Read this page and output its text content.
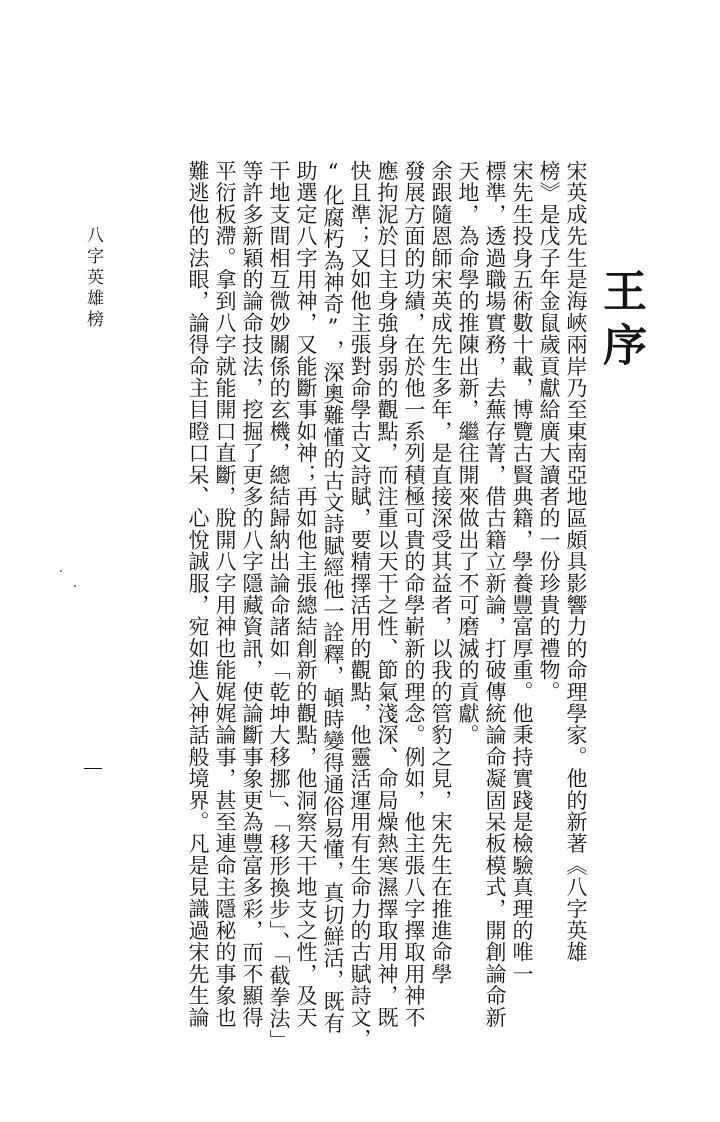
王序
宋英成先生是海峽兩岸乃至東南亞地區頗具影響力的命理學家。他的新著《八字英雄
榜》是戊子年金鼠歲貢獻給廣大讀者的一份珍貴的禮物。
宋先生投身五術數十載，博覽古賢典籍，學養豐富厚重。他秉持實踐是檢驗真理的唯一
標準，透過職場實務，去蕪存菁，借古籍立新論，打破傳統論命凝固呆板模式，開創論命新
天地，為命學的推陳出新，繼往開來做出了不可磨滅的貢獻。
余跟隨恩師宋英成先生多年，是直接深受其益者，以我的管豹之見，宋先生在推進命學
發展方面的功績，在於他一系列積極可貴的命學嶄新的理念。例如，他主張八字擇取用神不
應拘泥於日主身強身弱的觀點，而注重以天干之性、節氣淺深、命局燥熱寒濕擇取用神，既
快且準；又如他主張對命學古文詩賦，要精擇活用的觀點，他靈活運用有生命力的古賦詩文，
“化腐朽為神奇”，深奧難懂的古文詩賦經他一詮釋，頓時變得通俗易懂，真切鮮活，既有
助選定八字用神，又能斷事如神；再如他主張總結創新的觀點，他洞察天干地支之性，及天
干地支間相互微妙關係的玄機，總結歸納出論命諸如「乾坤大移挪」、「移形換步」、「截拳法」
等許多新穎的論命技法，挖掘了更多的八字隱藏資訊，使論斷事象更為豐富多彩，而不顯得
平衍板滯。拿到八字就能開口直斷，脫開八字用神也能娓娓論事，甚至連命主隱秘的事象也
難逃他的法眼，論得命主目瞪口呆、心悅誠服，宛如進入神話般境界。凡是見識過宋先生論
八字英雄榜
